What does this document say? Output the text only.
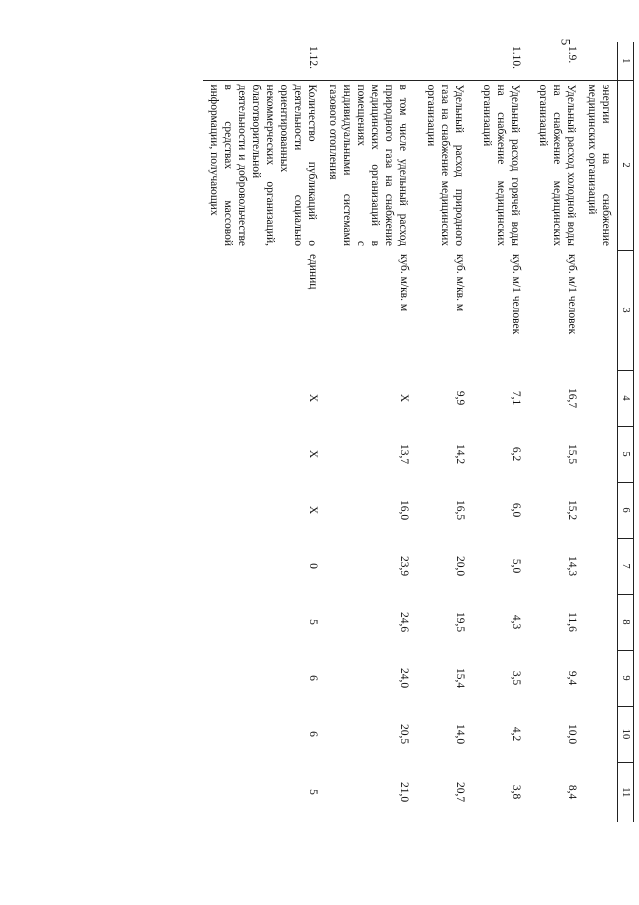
5
1	2	3	4	5	6	7	8	9	10	11
	энергии на снабжение медицинских организаций									
1.9.	Удельный расход холодной воды на снабжение медицинских организаций	куб. м/1 человек	16,7	15,5	15,2	14,3	11,6	9,4	10,0	8,4
1.10.	Удельный расход горячей воды на снабжение медицинских организаций	куб. м/1 человек	7,1	6,2	6,0	5,0	4,3	3,5	4,2	3,8
	Удельный расход природного газа на снабжение медицинских организации	куб. м/кв. м	9,9	14,2	16,5	20,0	19,5	15,4	14,0	20,7
	в том числе удельный расход природного газа на снабжение медицинских организаций в помещениях с индивидуальными системами газового отопления	куб. м/кв. м	X	13,7	16,0	23,9	24,6	24,0	20,5	21,0
1.12.	Количество публикаций о деятельности социально ориентированных некоммерческих организаций, благотворительной деятельности и добровольчестве в средствах массовой информации, получающих	единиц	X	X	X	0	5	6	6	5
